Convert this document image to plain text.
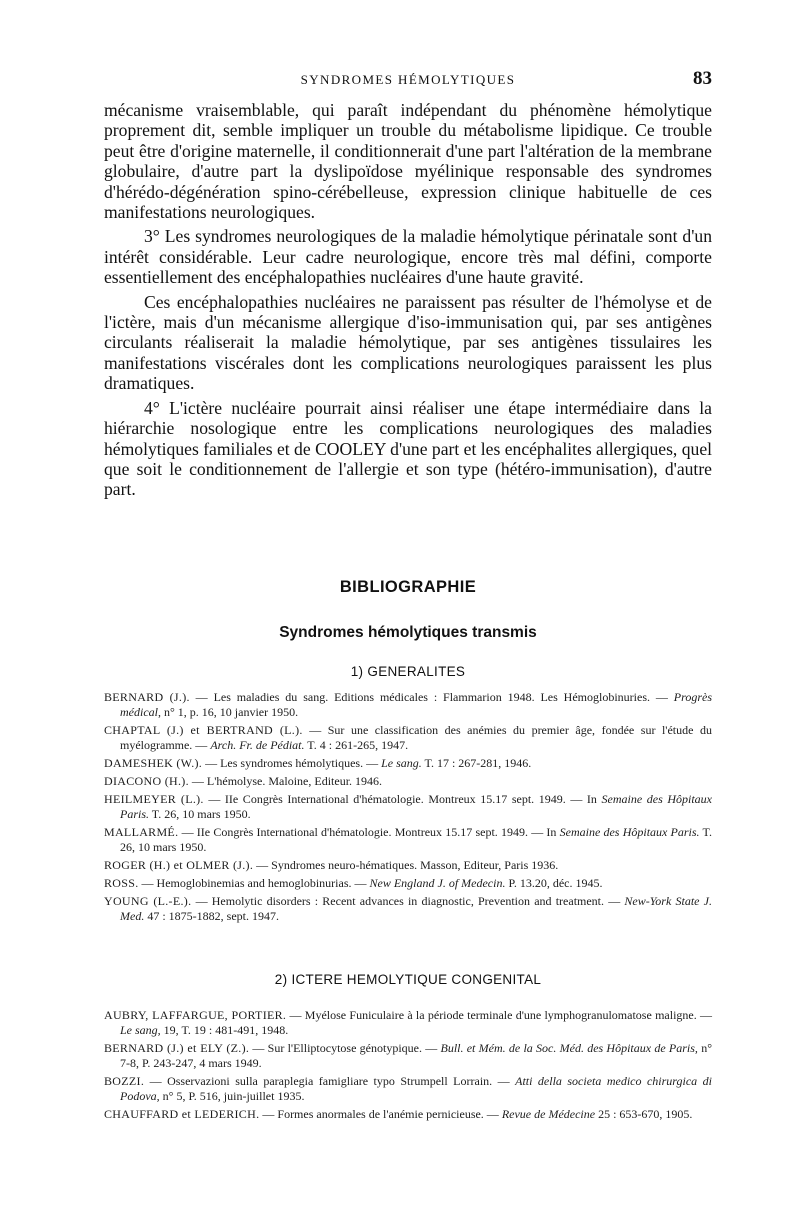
SYNDROMES HÉMOLYTIQUES	83

mécanisme vraisemblable, qui paraît indépendant du phénomène hémolytique proprement dit, semble impliquer un trouble du métabolisme lipidique. Ce trouble peut être d'origine maternelle, il conditionnerait d'une part l'altération de la membrane globulaire, d'autre part la dyslipoïdose myélinique responsable des syndromes d'hérédo-dégénération spino-cérébelleuse, expression clinique habituelle de ces manifestations neurologiques.

3° Les syndromes neurologiques de la maladie hémolytique périnatale sont d'un intérêt considérable. Leur cadre neurologique, encore très mal défini, comporte essentiellement des encéphalopathies nucléaires d'une haute gravité.

Ces encéphalopathies nucléaires ne paraissent pas résulter de l'hémolyse et de l'ictère, mais d'un mécanisme allergique d'iso-immunisation qui, par ses antigènes circulants réaliserait la maladie hémolytique, par ses antigènes tissulaires les manifestations viscérales dont les complications neurologiques paraissent les plus dramatiques.

4° L'ictère nucléaire pourrait ainsi réaliser une étape intermédiaire dans la hiérarchie nosologique entre les complications neurologiques des maladies hémolytiques familiales et de COOLEY d'une part et les encéphalites allergiques, quel que soit le conditionnement de l'allergie et son type (hétéro-immunisation), d'autre part.

BIBLIOGRAPHIE
Syndromes hémolytiques transmis
1) GENERALITES

BERNARD (J.). — Les maladies du sang. Editions médicales : Flammarion 1948. Les Hémoglobinuries. — Progrès médical, n° 1, p. 16, 10 janvier 1950.

CHAPTAL (J.) et BERTRAND (L.). — Sur une classification des anémies du premier âge, fondée sur l'étude du myélogramme. — Arch. Fr. de Pédiat. T. 4 : 261-265, 1947.

DAMESHEK (W.). — Les syndromes hémolytiques. — Le sang. T. 17 : 267-281, 1946.

DIACONO (H.). — L'hémolyse. Maloine, Editeur. 1946.

HEILMEYER (L.). — IIe Congrès International d'hématologie. Montreux 15.17 sept. 1949. — In Semaine des Hôpitaux Paris. T. 26, 10 mars 1950.

MALLARMÉ. — IIe Congrès International d'hématologie. Montreux 15.17 sept. 1949. — In Semaine des Hôpitaux Paris. T. 26, 10 mars 1950.

ROGER (H.) et OLMER (J.). — Syndromes neuro-hématiques. Masson, Editeur, Paris 1936.

ROSS. — Hemoglobinemias and hemoglobinurias. — New England J. of Medecin. P. 13.20, déc. 1945.

YOUNG (L.-E.). — Hemolytic disorders : Recent advances in diagnostic, Prevention and treatment. — New-York State J. Med. 47 : 1875-1882, sept. 1947.

2) ICTERE HEMOLYTIQUE CONGENITAL

AUBRY, LAFFARGUE, PORTIER. — Myélose Funiculaire à la période terminale d'une lymphogranulomatose maligne. — Le sang, 19, T. 19 : 481-491, 1948.

BERNARD (J.) et ELY (Z.). — Sur l'Elliptocytose génotypique. — Bull. et Mém. de la Soc. Méd. des Hôpitaux de Paris, n° 7-8, P. 243-247, 4 mars 1949.

BOZZI. — Osservazioni sulla paraplegia famigliare typo Strumpell Lorrain. — Atti della societa medico chirurgica di Podova, n° 5, P. 516, juin-juillet 1935.

CHAUFFARD et LEDERICH. — Formes anormales de l'anémie pernicieuse. — Revue de Médecine 25 : 653-670, 1905.
